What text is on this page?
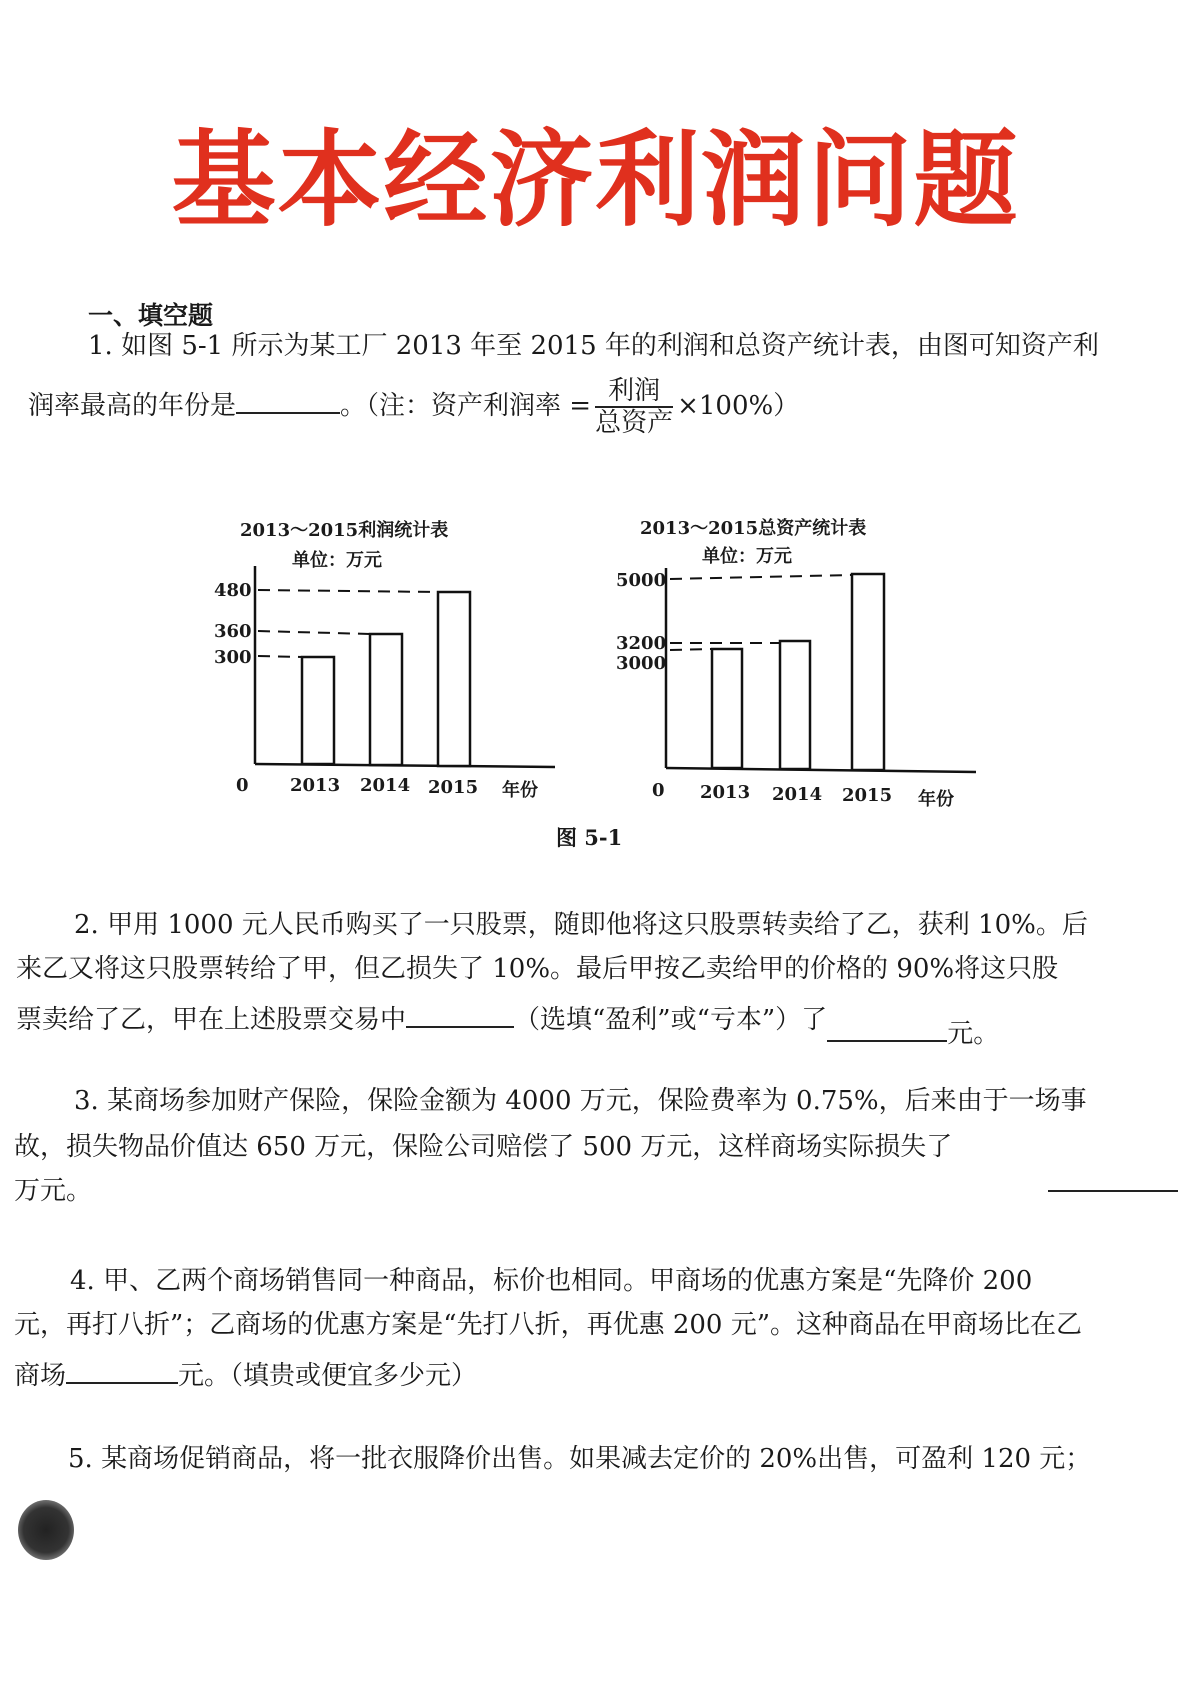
基本经济利润问题
一、填空题
1. 如图 5-1 所示为某工厂 2013 年至 2015 年的利润和总资产统计表，由图可知资产利
润率最高的年份是	。（注：资产利润率 = $\frac{\text{利润}}{\text{总资产}} \times 100\%$）
2013～2015利润统计表
单位：万元
480
360
300
0 2013 2014 2015 年份
2013～2015总资产统计表
单位：万元
5000
3200
3000
0 2013 2014 2015 年份
图 5-1
2. 甲用 1000 元人民币购买了一只股票，随即他将这只股票转卖给了乙，获利 10%。后
来乙又将这只股票转给了甲，但乙损失了 10%。最后甲按乙卖给甲的价格的 90%将这只股
票卖给了乙，甲在上述股票交易中	（选填“盈利”或“亏本”）了	元。
3. 某商场参加财产保险，保险金额为 4000 万元，保险费率为 0.75%，后来由于一场事
故，损失物品价值达 650 万元，保险公司赔偿了 500 万元，这样商场实际损失了
万元。
4. 甲、乙两个商场销售同一种商品，标价也相同。甲商场的优惠方案是“先降价 200
元，再打八折”；乙商场的优惠方案是“先打八折，再优惠 200 元”。这种商品在甲商场比在乙
商场	元。（填贵或便宜多少元）
5. 某商场促销商品，将一批衣服降价出售。如果减去定价的 20%出售，可盈利 120 元；
